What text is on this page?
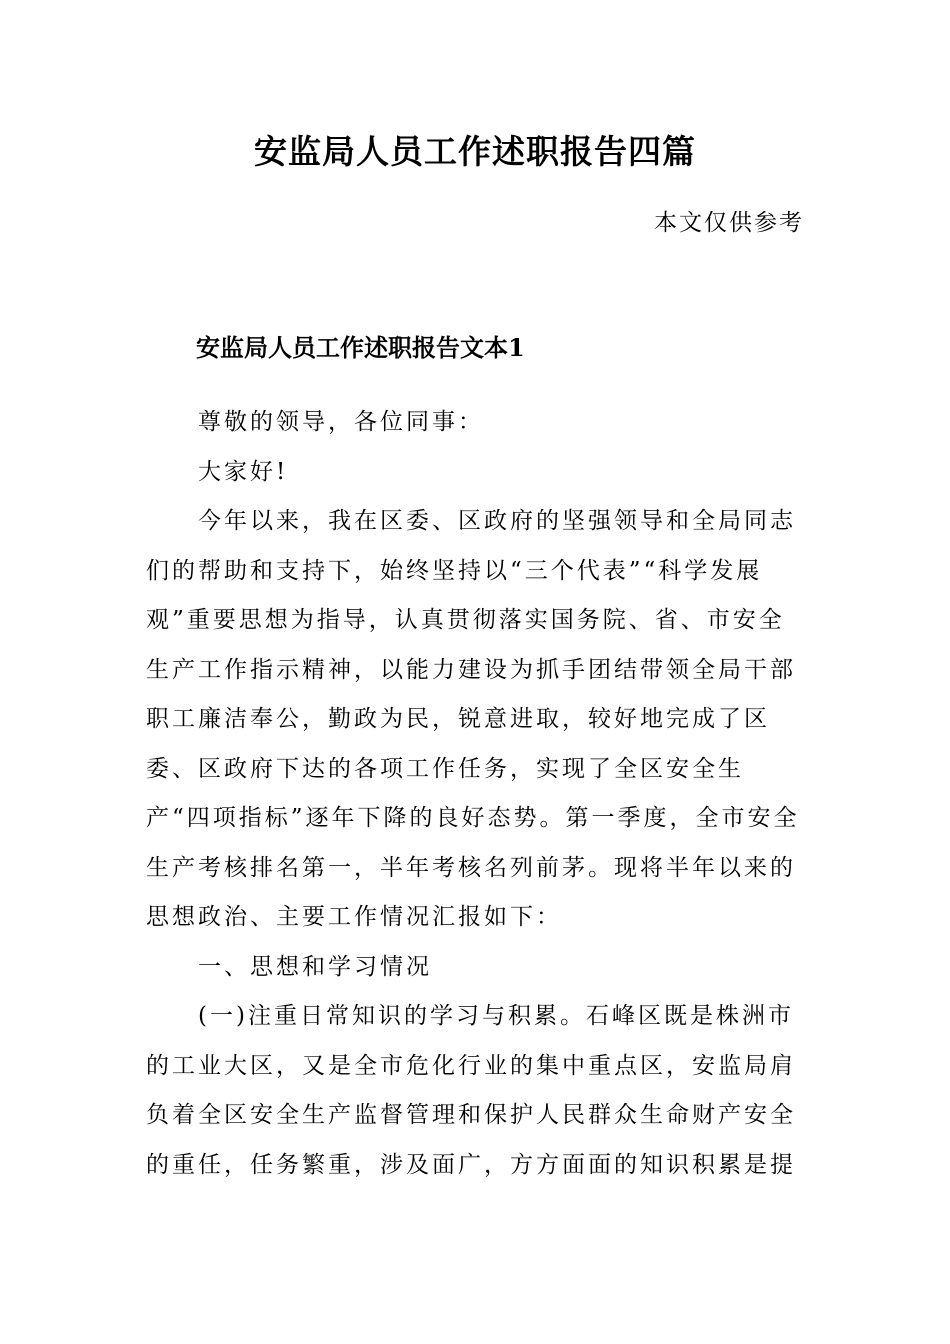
安监局人员工作述职报告四篇

本文仅供参考

安监局人员工作述职报告文本1

尊敬的领导，各位同事：

大家好!

今年以来，我在区委、区政府的坚强领导和全局同志们的帮助和支持下，始终坚持以“三个代表”“科学发展观”重要思想为指导，认真贯彻落实国务院、省、市安全生产工作指示精神，以能力建设为抓手团结带领全局干部职工廉洁奉公，勤政为民，锐意进取，较好地完成了区委、区政府下达的各项工作任务，实现了全区安全生产“四项指标”逐年下降的良好态势。第一季度，全市安全生产考核排名第一，半年考核名列前茅。现将半年以来的思想政治、主要工作情况汇报如下：

一、思想和学习情况

(一)注重日常知识的学习与积累。石峰区既是株洲市的工业大区，又是全市危化行业的集中重点区，安监局肩负着全区安全生产监督管理和保护人民群众生命财产安全的重任，任务繁重，涉及面广，方方面面的知识积累是提
